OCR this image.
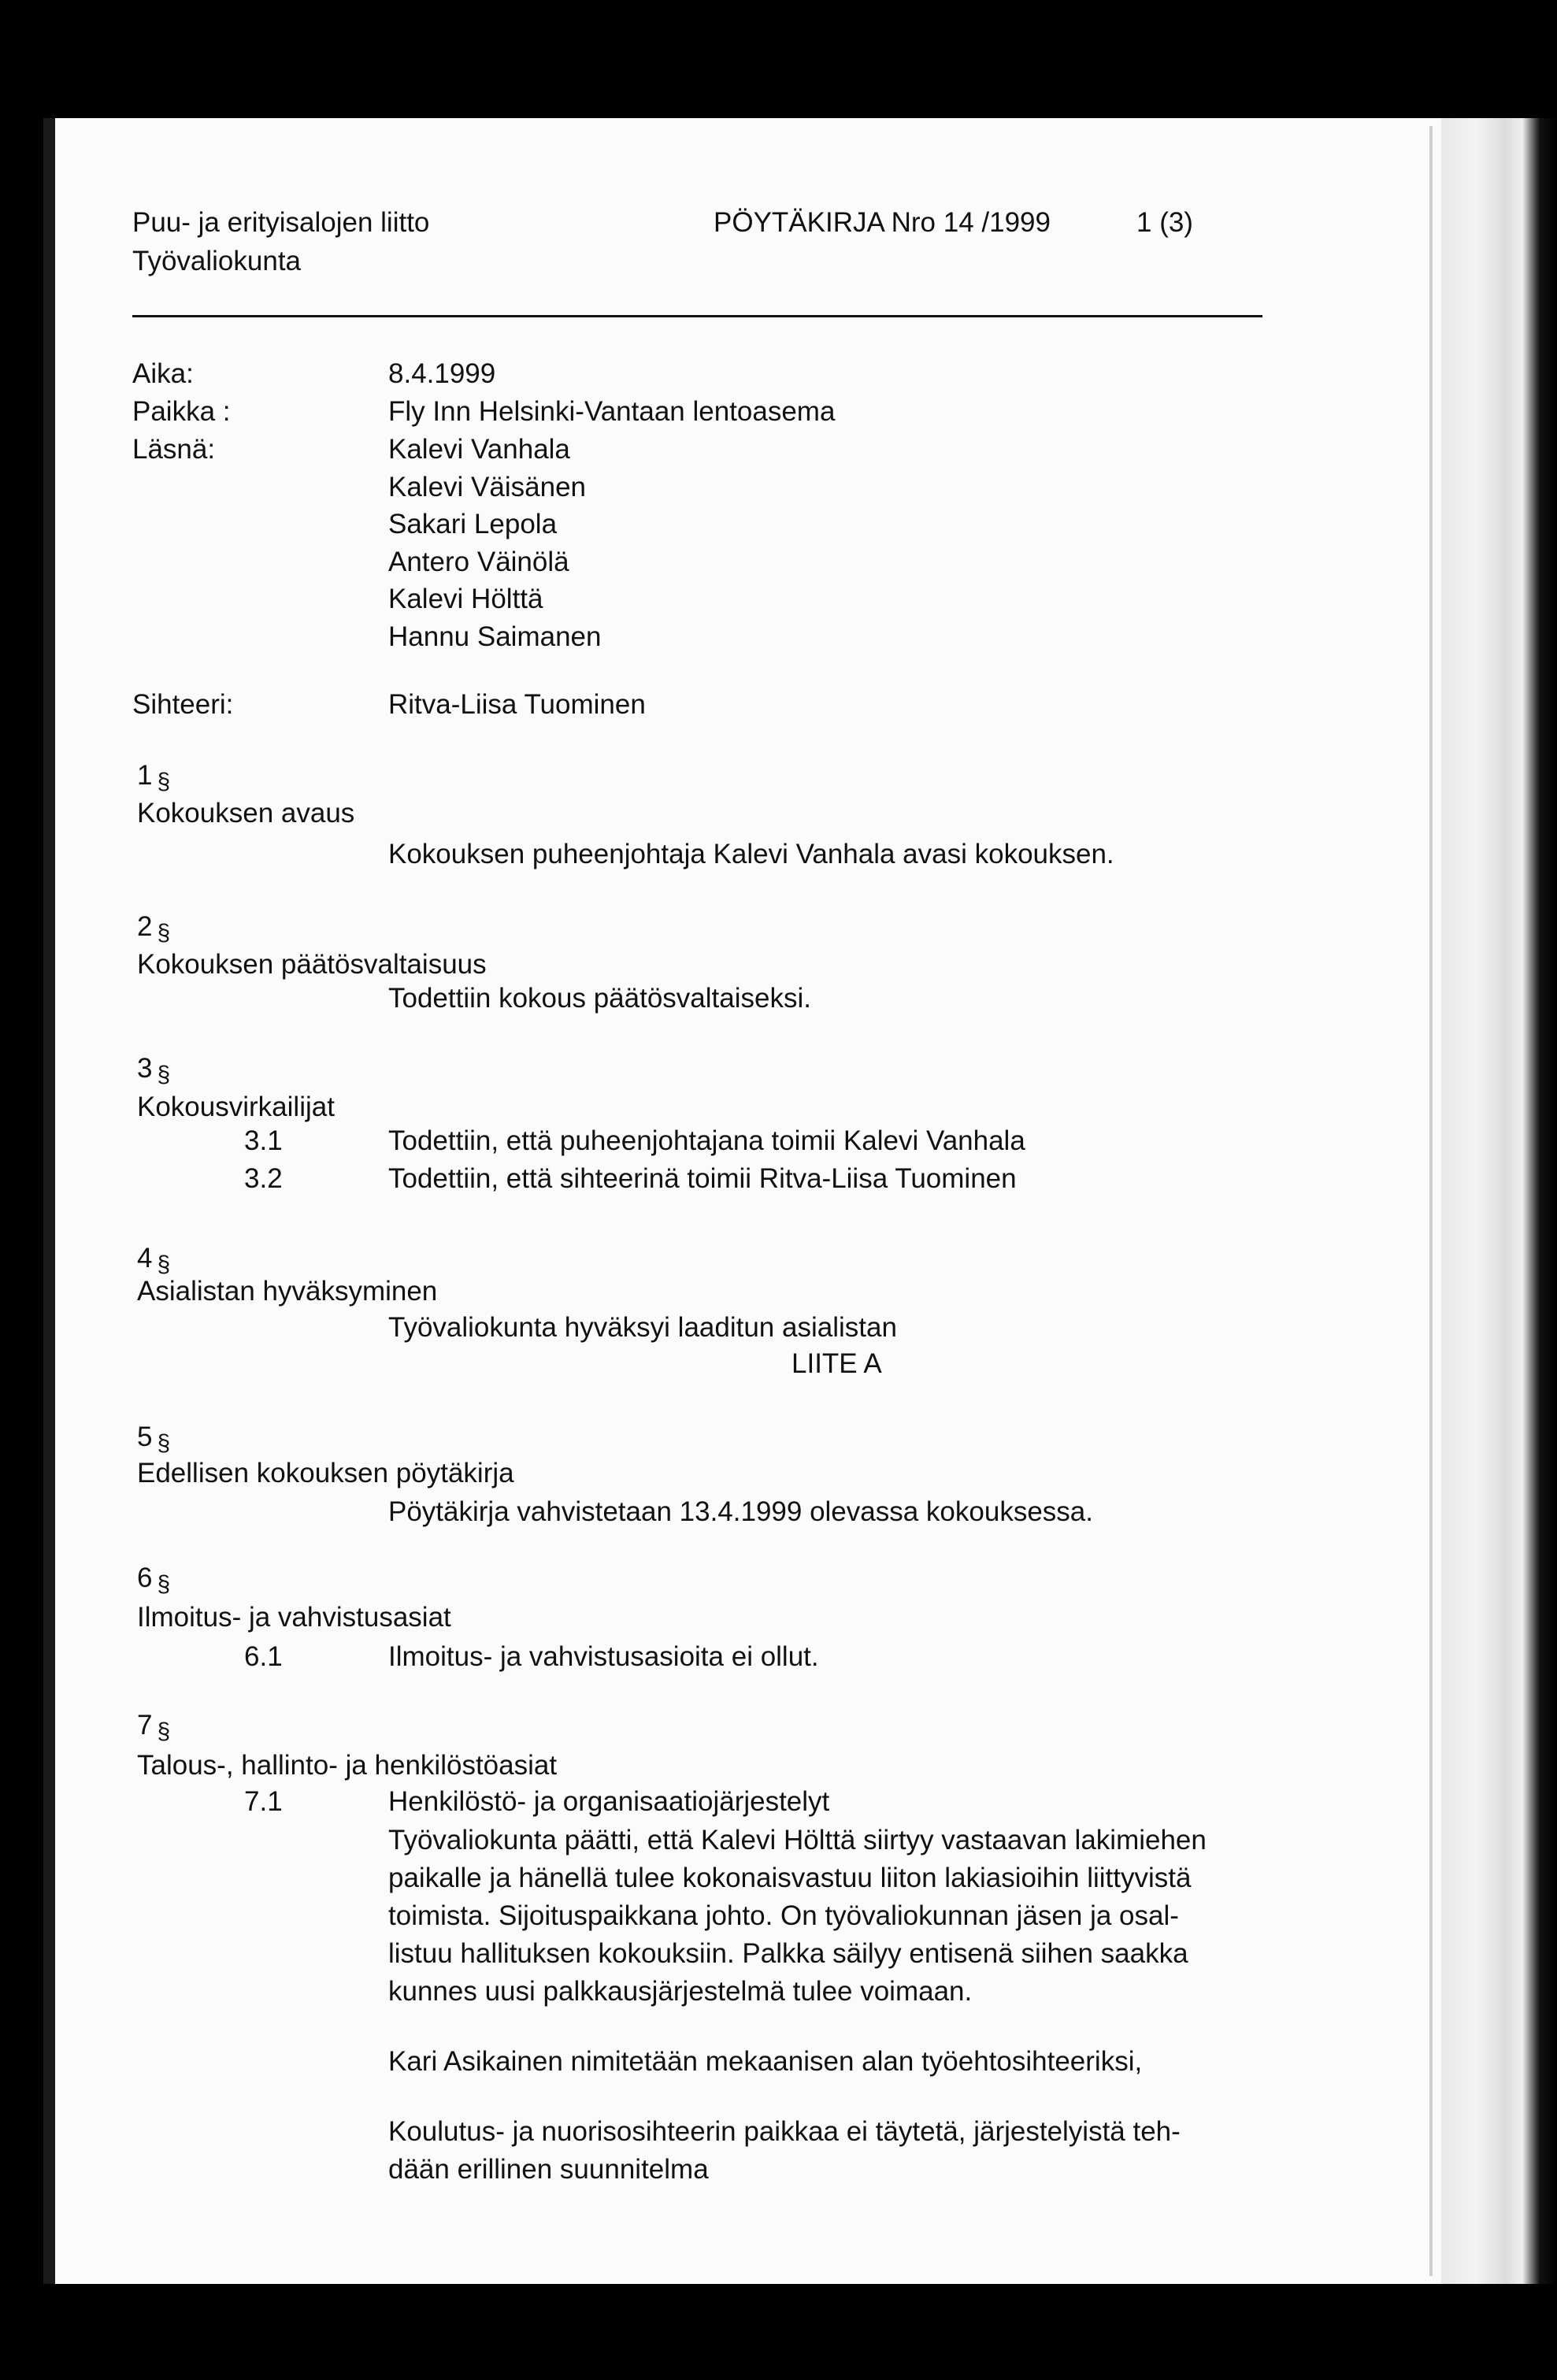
Puu- ja erityisalojen liitto
Työvaliokunta
PÖYTÄKIRJA Nro 14 /1999	1 (3)
Aika:	8.4.1999
Paikka :	Fly Inn Helsinki-Vantaan lentoasema
Läsnä:	Kalevi Vanhala
Kalevi Väisänen
Sakari Lepola
Antero Väinölä
Kalevi Hölttä
Hannu Saimanen
Sihteeri:	Ritva-Liisa Tuominen
1 §
Kokouksen avaus
Kokouksen puheenjohtaja Kalevi Vanhala avasi kokouksen.
2 §
Kokouksen päätösvaltaisuus
Todettiin kokous päätösvaltaiseksi.
3 §
Kokousvirkailijat
3.1	Todettiin, että puheenjohtajana toimii Kalevi Vanhala
3.2	Todettiin, että sihteerinä toimii Ritva-Liisa Tuominen
4 §
Asialistan hyväksyminen
Työvaliokunta hyväksyi laaditun asialistan
LIITE A
5 §
Edellisen kokouksen pöytäkirja
Pöytäkirja vahvistetaan 13.4.1999 olevassa kokouksessa.
6 §
Ilmoitus- ja vahvistusasiat
6.1	Ilmoitus- ja vahvistusasioita ei ollut.
7 §
Talous-, hallinto- ja henkilöstöasiat
7.1	Henkilöstö- ja organisaatiojärjestelyt
Työvaliokunta päätti, että Kalevi Hölttä siirtyy vastaavan lakimiehen
paikalle ja hänellä tulee kokonaisvastuu liiton lakiasioihin liittyvistä
toimista. Sijoituspaikkana johto. On työvaliokunnan jäsen ja osal-
listuu hallituksen kokouksiin. Palkka säilyy entisenä siihen saakka
kunnes uusi palkkausjärjestelmä tulee voimaan.
Kari Asikainen nimitetään mekaanisen alan työehtosihteeriksi,
Koulutus- ja nuorisosihteerin paikkaa ei täytetä, järjestelyistä teh-
dään erillinen suunnitelma
